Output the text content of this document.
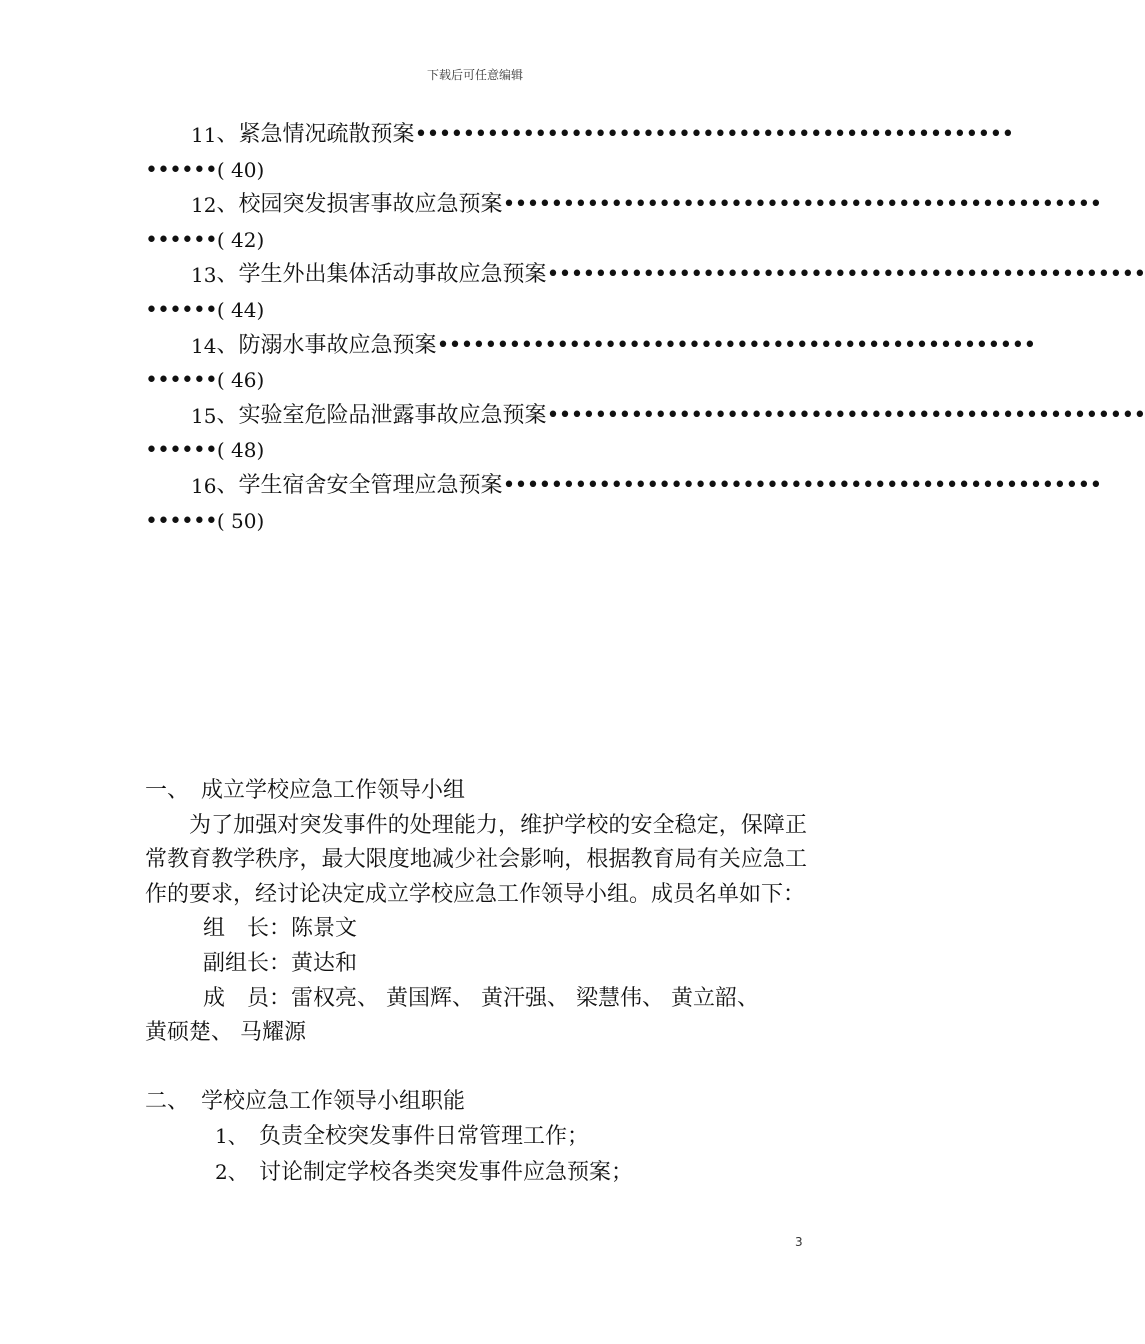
下载后可任意编辑
11 、 紧急情况疏散预案 ••••••••••••••••••••••••••••••••••••••••••••••••••
••••••( 40)
12 、 校园突发损害事故应急预案 ••••••••••••••••••••••••••••••••••••••••••••••••••
••••••( 42)
13 、 学生外出集体活动事故应急预案 ••••••••••••••••••••••••••••••••••••••••••••••••••
••••••( 44)
14 、 防溺水事故应急预案 ••••••••••••••••••••••••••••••••••••••••••••••••••
••••••( 46)
15 、 实验室危险品泄露事故应急预案 ••••••••••••••••••••••••••••••••••••••••••••••••••
••••••( 48)
16 、 学生宿舍安全管理应急预案 ••••••••••••••••••••••••••••••••••••••••••••••••••
••••••( 50)
一、 成立学校应急工作领导小组
为了加强对突发事件的处理能力，维护学校的安全稳定，保障正常教育教学秩序，最大限度地减少社会影响，根据教育局有关应急工作的要求，经讨论决定成立学校应急工作领导小组。成员名单如下：
组　长：陈景文
副组长：黄达和
成　员：雷权亮、 黄国辉、 黄汗强、 梁慧伟、 黄立韶、
黄硕楚、 马耀源
二、 学校应急工作领导小组职能
1、 负责全校突发事件日常管理工作；
2、 讨论制定学校各类突发事件应急预案；
3
